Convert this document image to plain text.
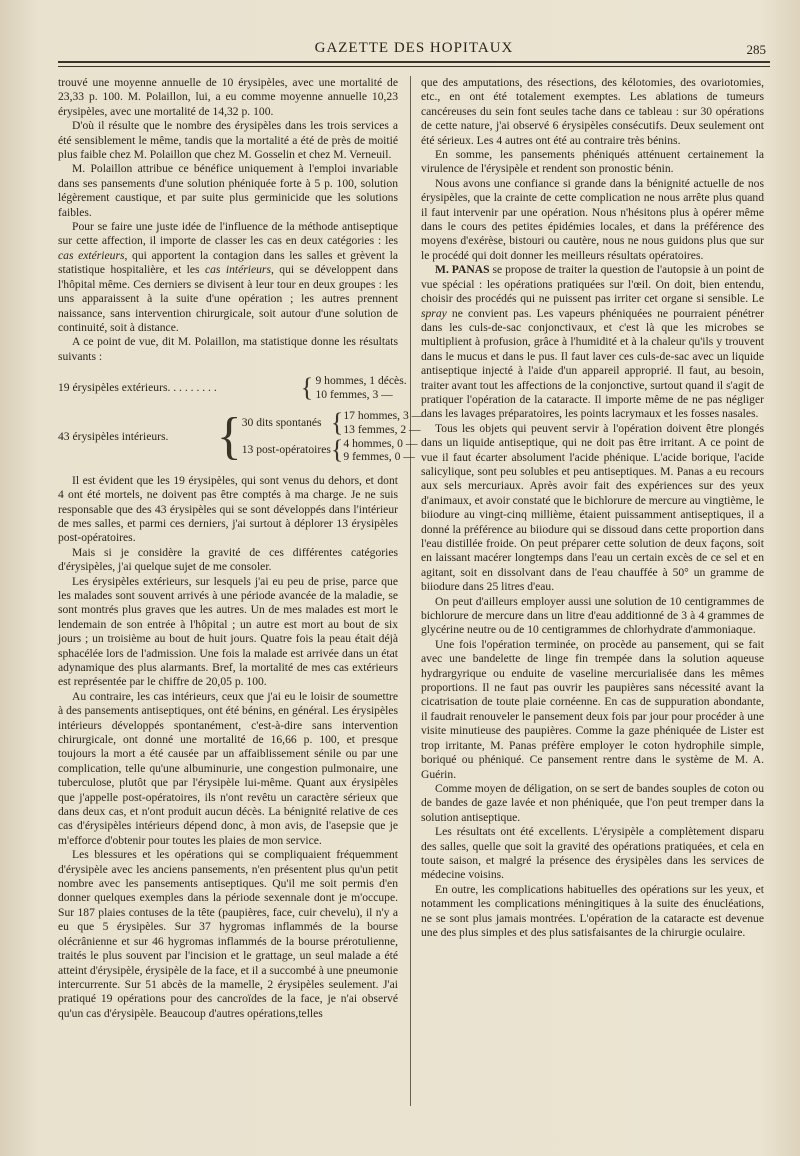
GAZETTE DES HOPITAUX	285

trouvé une moyenne annuelle de 10 érysipèles, avec une mortalité de 23,33 p. 100. M. Polaillon, lui, a eu comme moyenne annuelle 10,23 érysipèles, avec une mortalité de 14,32 p. 100.

D'où il résulte que le nombre des érysipèles dans les trois services a été sensiblement le même, tandis que la mortalité a été de près de moitié plus faible chez M. Polaillon que chez M. Gosselin et chez M. Verneuil.

M. Polaillon attribue ce bénéfice uniquement à l'emploi invariable dans ses pansements d'une solution phéniquée forte à 5 p. 100, solution légèrement caustique, et par suite plus germinicide que les solutions faibles.

Pour se faire une juste idée de l'influence de la méthode antiseptique sur cette affection, il importe de classer les cas en deux catégories : les cas extérieurs, qui apportent la contagion dans les salles et grèvent la statistique hospitalière, et les cas intérieurs, qui se développent dans l'hôpital même. Ces derniers se divisent à leur tour en deux groupes : les uns apparaissent à la suite d'une opération ; les autres prennent naissance, sans intervention chirurgicale, soit autour d'une solution de continuité, soit à distance.

A ce point de vue, dit M. Polaillon, ma statistique donne les résultats suivants :

19 érysipèles extérieurs. . . . . . . . .		{	9 hommes, 1 décès.
10 femmes, 3 —

43 érysipèles intérieurs.	{	30 dits spontanés	{	17 hommes, 3 —
13 femmes, 2 —

13 post-opératoires	{	4 hommes, 0 —
9 femmes, 0 —

Il est évident que les 19 érysipèles, qui sont venus du dehors, et dont 4 ont été mortels, ne doivent pas être comptés à ma charge. Je ne suis responsable que des 43 érysipèles qui se sont développés dans l'intérieur de mes salles, et parmi ces derniers, j'ai surtout à déplorer 13 érysipèles post-opératoires.

Mais si je considère la gravité de ces différentes catégories d'érysipèles, j'ai quelque sujet de me consoler.

Les érysipèles extérieurs, sur lesquels j'ai eu peu de prise, parce que les malades sont souvent arrivés à une période avancée de la maladie, se sont montrés plus graves que les autres. Un de mes malades est mort le lendemain de son entrée à l'hôpital ; un autre est mort au bout de six jours ; un troisième au bout de huit jours. Quatre fois la peau était déjà sphacélée lors de l'admission. Une fois la malade est arrivée dans un état adynamique des plus alarmants. Bref, la mortalité de mes cas extérieurs est représentée par le chiffre de 20,05 p. 100.

Au contraire, les cas intérieurs, ceux que j'ai eu le loisir de soumettre à des pansements antiseptiques, ont été bénins, en général. Les érysipèles intérieurs développés spontanément, c'est-à-dire sans intervention chirurgicale, ont donné une mortalité de 16,66 p. 100, et presque toujours la mort a été causée par un affaiblissement sénile ou par une complication, telle qu'une albuminurie, une congestion pulmonaire, une tuberculose, plutôt que par l'érysipèle lui-même. Quant aux érysipèles que j'appelle post-opératoires, ils n'ont revêtu un caractère sérieux que dans deux cas, et n'ont produit aucun décès. La bénignité relative de ces cas d'érysipèles intérieurs dépend donc, à mon avis, de l'asepsie que je m'efforce d'obtenir pour toutes les plaies de mon service.

Les blessures et les opérations qui se compliquaient fréquemment d'érysipèle avec les anciens pansements, n'en présentent plus qu'un petit nombre avec les pansements antiseptiques. Qu'il me soit permis d'en donner quelques exemples dans la période sexennale dont je m'occupe. Sur 187 plaies contuses de la tête (paupières, face, cuir chevelu), il n'y a eu que 5 érysipèles. Sur 37 hygromas inflammés de la bourse olécrânienne et sur 46 hygromas inflammés de la bourse prérotulienne, traités le plus souvent par l'incision et le grattage, un seul malade a été atteint d'érysipèle, érysipèle de la face, et il a succombé à une pneumonie intercurrente. Sur 51 abcès de la mamelle, 2 érysipèles seulement. J'ai pratiqué 19 opérations pour des cancroïdes de la face, je n'ai observé qu'un cas d'érysipèle. Beaucoup d'autres opérations,telles

que des amputations, des résections, des kélotomies, des ovariotomies, etc., en ont été totalement exemptes. Les ablations de tumeurs cancéreuses du sein font seules tache dans ce tableau : sur 30 opérations de cette nature, j'ai observé 6 érysipèles consécutifs. Deux seulement ont été sérieux. Les 4 autres ont été au contraire très bénins.

En somme, les pansements phéniqués atténuent certainement la virulence de l'érysipèle et rendent son pronostic bénin.

Nous avons une confiance si grande dans la bénignité actuelle de nos érysipèles, que la crainte de cette complication ne nous arrête plus quand il faut intervenir par une opération. Nous n'hésitons plus à opérer même dans le cours des petites épidémies locales, et dans la préférence des moyens d'exérèse, bistouri ou cautère, nous ne nous guidons plus que sur le procédé qui doit donner les meilleurs résultats opératoires.

M. PANAS se propose de traiter la question de l'autopsie à un point de vue spécial : les opérations pratiquées sur l'œil. On doit, bien entendu, choisir des procédés qui ne puissent pas irriter cet organe si sensible. Le spray ne convient pas. Les vapeurs phéniquées ne pourraient pénétrer dans les culs-de-sac conjonctivaux, et c'est là que les microbes se multiplient à profusion, grâce à l'humidité et à la chaleur qu'ils y trouvent dans le mucus et dans le pus. Il faut laver ces culs-de-sac avec un liquide antiseptique injecté à l'aide d'un appareil approprié. Il faut, au besoin, traiter avant tout les affections de la conjonctive, surtout quand il s'agit de pratiquer l'opération de la cataracte. Il importe même de ne pas négliger dans les lavages préparatoires, les points lacrymaux et les fosses nasales.

Tous les objets qui peuvent servir à l'opération doivent être plongés dans un liquide antiseptique, qui ne doit pas être irritant. A ce point de vue il faut écarter absolument l'acide phénique. L'acide borique, l'acide salicylique, sont peu solubles et peu antiseptiques. M. Panas a eu recours aux sels mercuriaux. Après avoir fait des expériences sur des yeux d'animaux, et avoir constaté que le bichlorure de mercure au vingtième, le biiodure au vingt-cinq millième, étaient puissamment antiseptiques, il a donné la préférence au biiodure qui se dissoud dans cette proportion dans l'eau distillée froide. On peut préparer cette solution de deux façons, soit en laissant macérer longtemps dans l'eau un certain excès de ce sel et en agitant, soit en dissolvant dans de l'eau chauffée à 50° un gramme de biiodure dans 25 litres d'eau.

On peut d'ailleurs employer aussi une solution de 10 centigrammes de bichlorure de mercure dans un litre d'eau additionné de 3 à 4 grammes de glycérine neutre ou de 10 centigrammes de chlorhydrate d'ammoniaque.

Une fois l'opération terminée, on procède au pansement, qui se fait avec une bandelette de linge fin trempée dans la solution aqueuse hydrargyrique ou enduite de vaseline mercurialisée dans les mêmes proportions. Il ne faut pas ouvrir les paupières sans nécessité avant la cicatrisation de toute plaie cornéenne. En cas de suppuration abondante, il faudrait renouveler le pansement deux fois par jour pour procéder à une visite minutieuse des paupières. Comme la gaze phéniquée de Lister est trop irritante, M. Panas préfère employer le coton hydrophile simple, boriqué ou phéniqué. Ce pansement rentre dans le système de M. A. Guérin.

Comme moyen de déligation, on se sert de bandes souples de coton ou de bandes de gaze lavée et non phéniquée, que l'on peut tremper dans la solution antiseptique.

Les résultats ont été excellents. L'érysipèle a complètement disparu des salles, quelle que soit la gravité des opérations pratiquées, et cela en toute saison, et malgré la présence des érysipèles dans les services de médecine voisins.

En outre, les complications habituelles des opérations sur les yeux, et notamment les complications méningitiques à la suite des énucléations, ne se sont plus jamais montrées. L'opération de la cataracte est devenue une des plus simples et des plus satisfaisantes de la chirurgie oculaire.
